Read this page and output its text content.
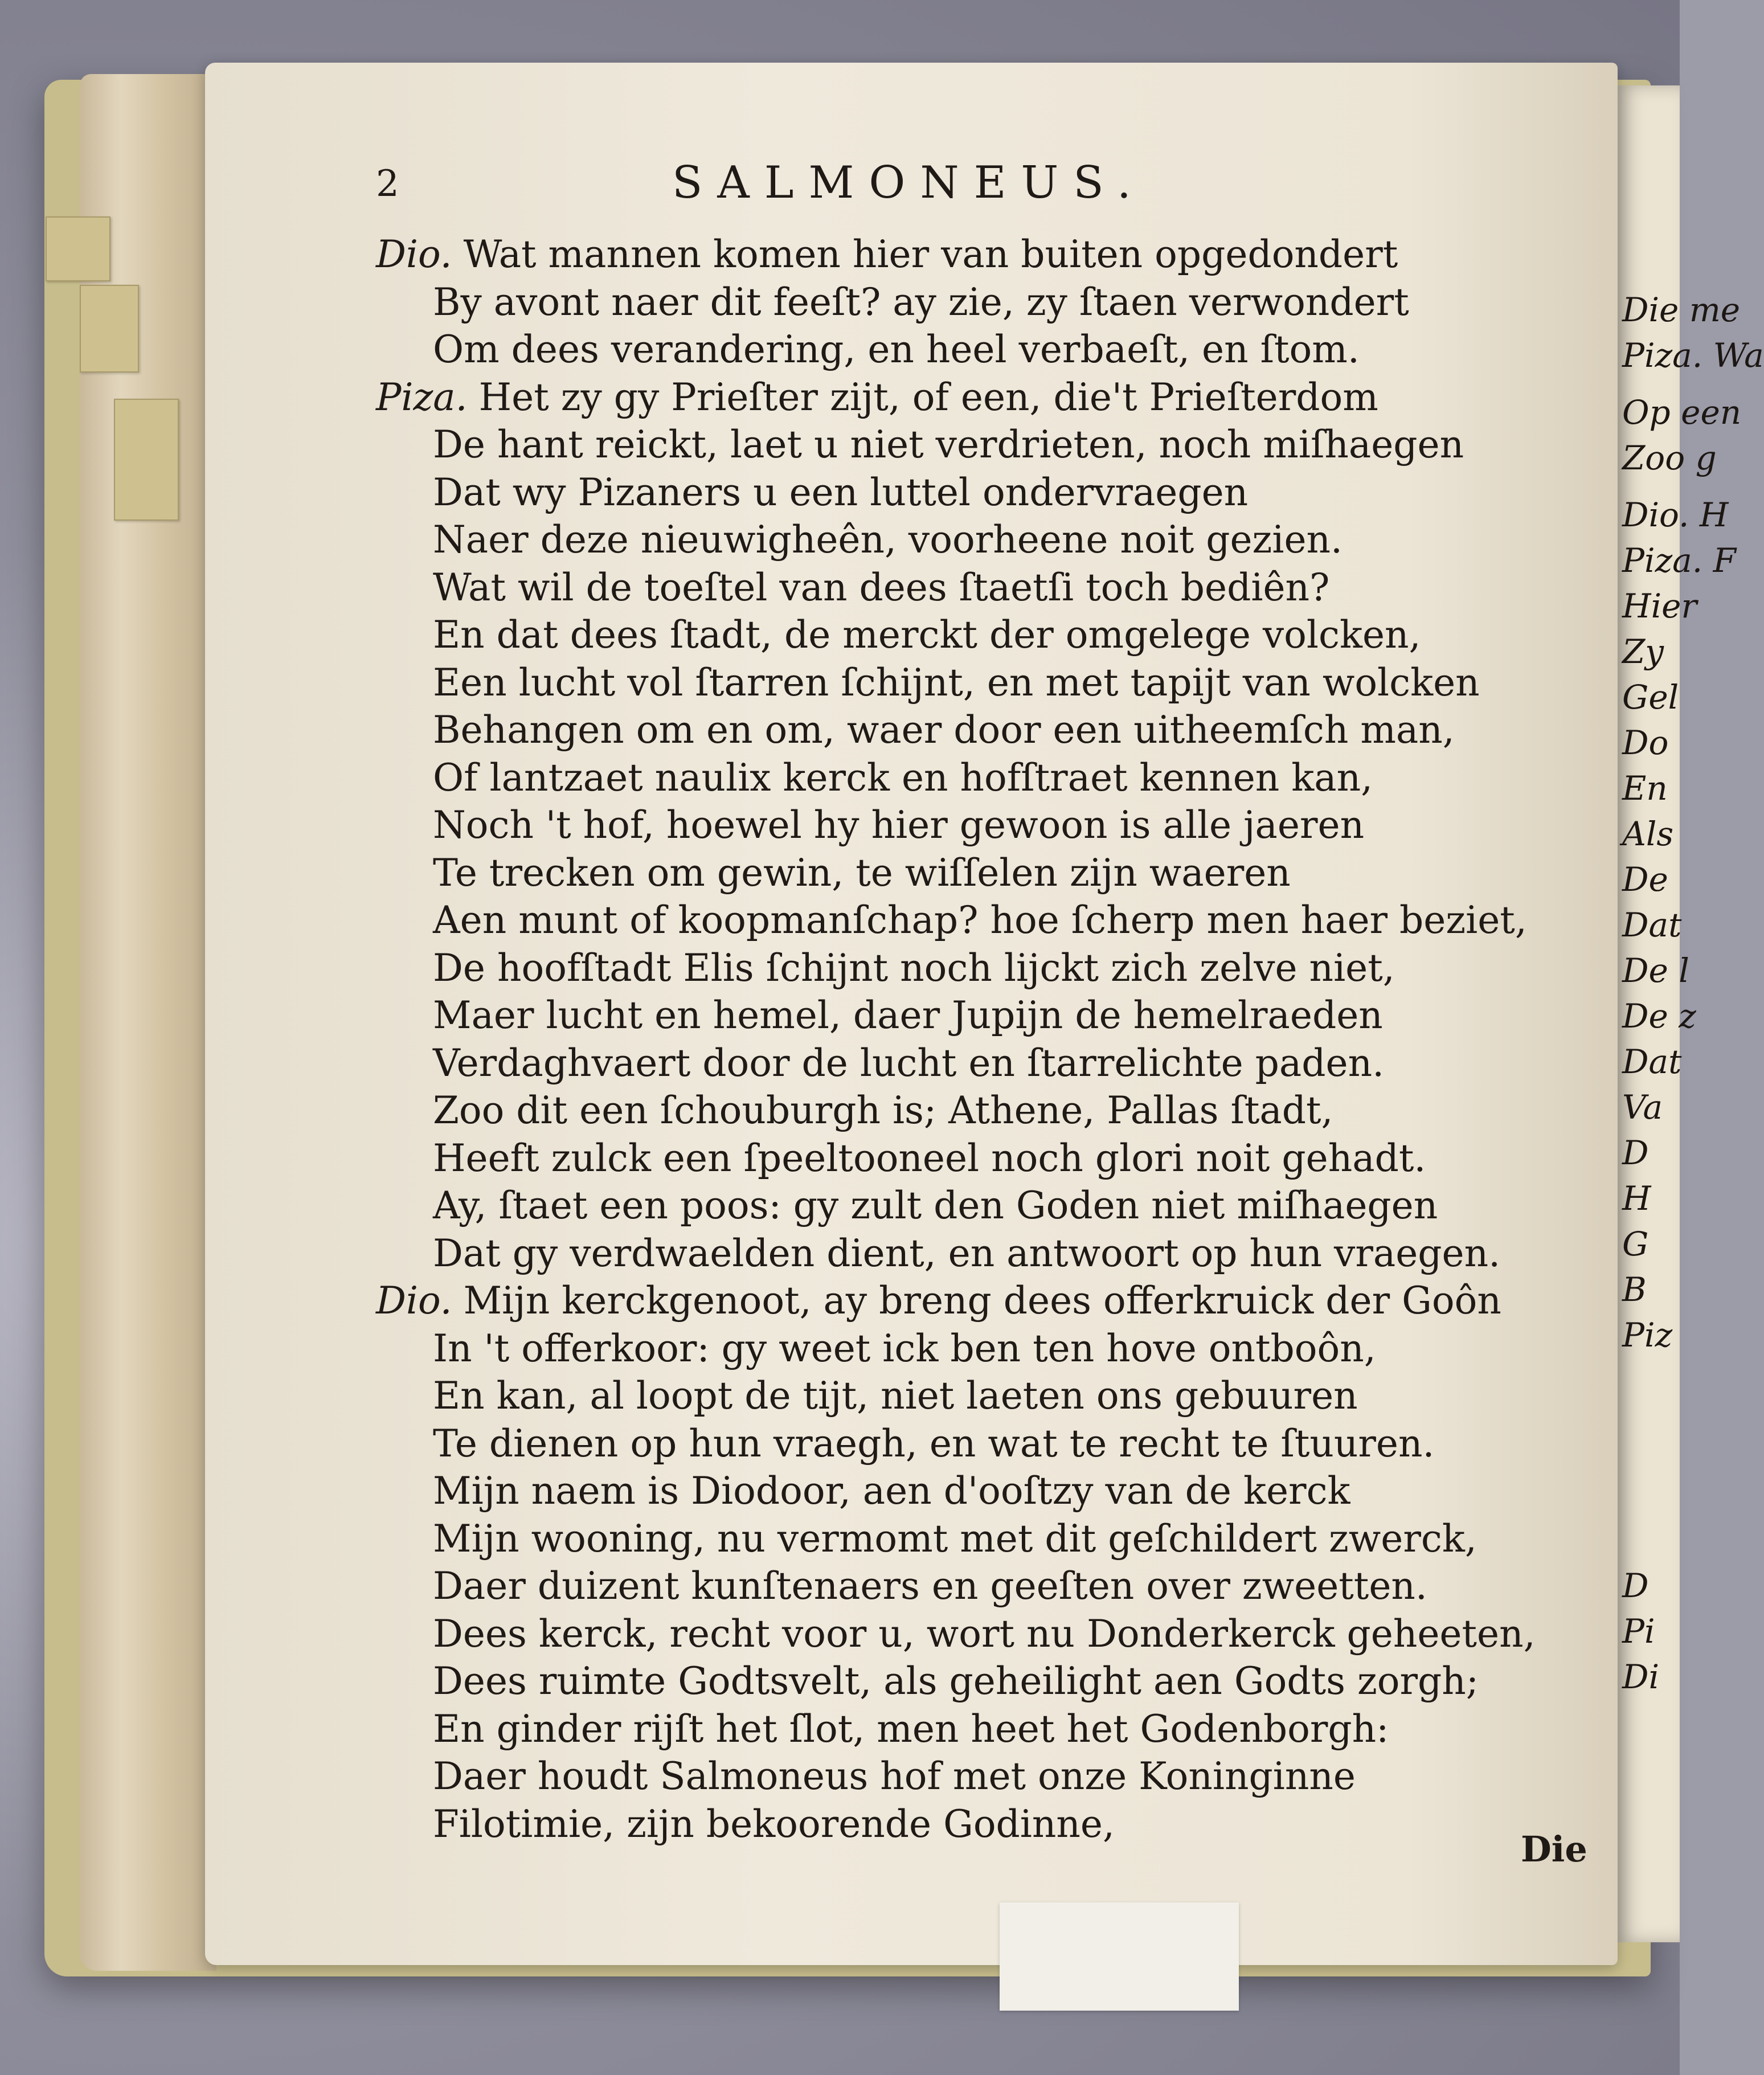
Die me
Piza. Wa
Op een
Zoo g
Dio. H
Piza. F
Hier
Zy
Gel
Do
En
Als
De
Dat
De l
De z
Dat
Va
D
H
G
B
Piz
D
Pi
Di
2	SALMONEUS.
Dio. Wat mannen komen hier van buiten opgedondert
By avont naer dit feeſt? ay zie, zy ſtaen verwondert
Om dees verandering, en heel verbaeſt, en ſtom.
Piza. Het zy gy Prieſter zijt, of een, die't Prieſterdom
De hant reickt, laet u niet verdrieten, noch miſhaegen
Dat wy Pizaners u een luttel ondervraegen
Naer deze nieuwigheên, voorheene noit gezien.
Wat wil de toeſtel van dees ſtaetſi toch bediên?
En dat dees ſtadt, de merckt der omgelege volcken,
Een lucht vol ſtarren ſchijnt, en met tapijt van wolcken
Behangen om en om, waer door een uitheemſch man,
Of lantzaet naulix kerck en hofſtraet kennen kan,
Noch 't hof, hoewel hy hier gewoon is alle jaeren
Te trecken om gewin, te wiſſelen zijn waeren
Aen munt of koopmanſchap? hoe ſcherp men haer beziet,
De hoofſtadt Elis ſchijnt noch lijckt zich zelve niet,
Maer lucht en hemel, daer Jupijn de hemelraeden
Verdaghvaert door de lucht en ſtarrelichte paden.
Zoo dit een ſchouburgh is; Athene, Pallas ſtadt,
Heeft zulck een ſpeeltooneel noch glori noit gehadt.
Ay, ſtaet een poos: gy zult den Goden niet miſhaegen
Dat gy verdwaelden dient, en antwoort op hun vraegen.
Dio. Mijn kerckgenoot, ay breng dees offerkruick der Goôn
In 't offerkoor: gy weet ick ben ten hove ontboôn,
En kan, al loopt de tijt, niet laeten ons gebuuren
Te dienen op hun vraegh, en wat te recht te ſtuuren.
Mijn naem is Diodoor, aen d'ooſtzy van de kerck
Mijn wooning, nu vermomt met dit geſchildert zwerck,
Daer duizent kunſtenaers en geeſten over zweetten.
Dees kerck, recht voor u, wort nu Donderkerck geheeten,
Dees ruimte Godtsvelt, als geheilight aen Godts zorgh;
En ginder rijſt het ſlot, men heet het Godenborgh:
Daer houdt Salmoneus hof met onze Koninginne
Filotimie, zijn bekoorende Godinne,
Die
